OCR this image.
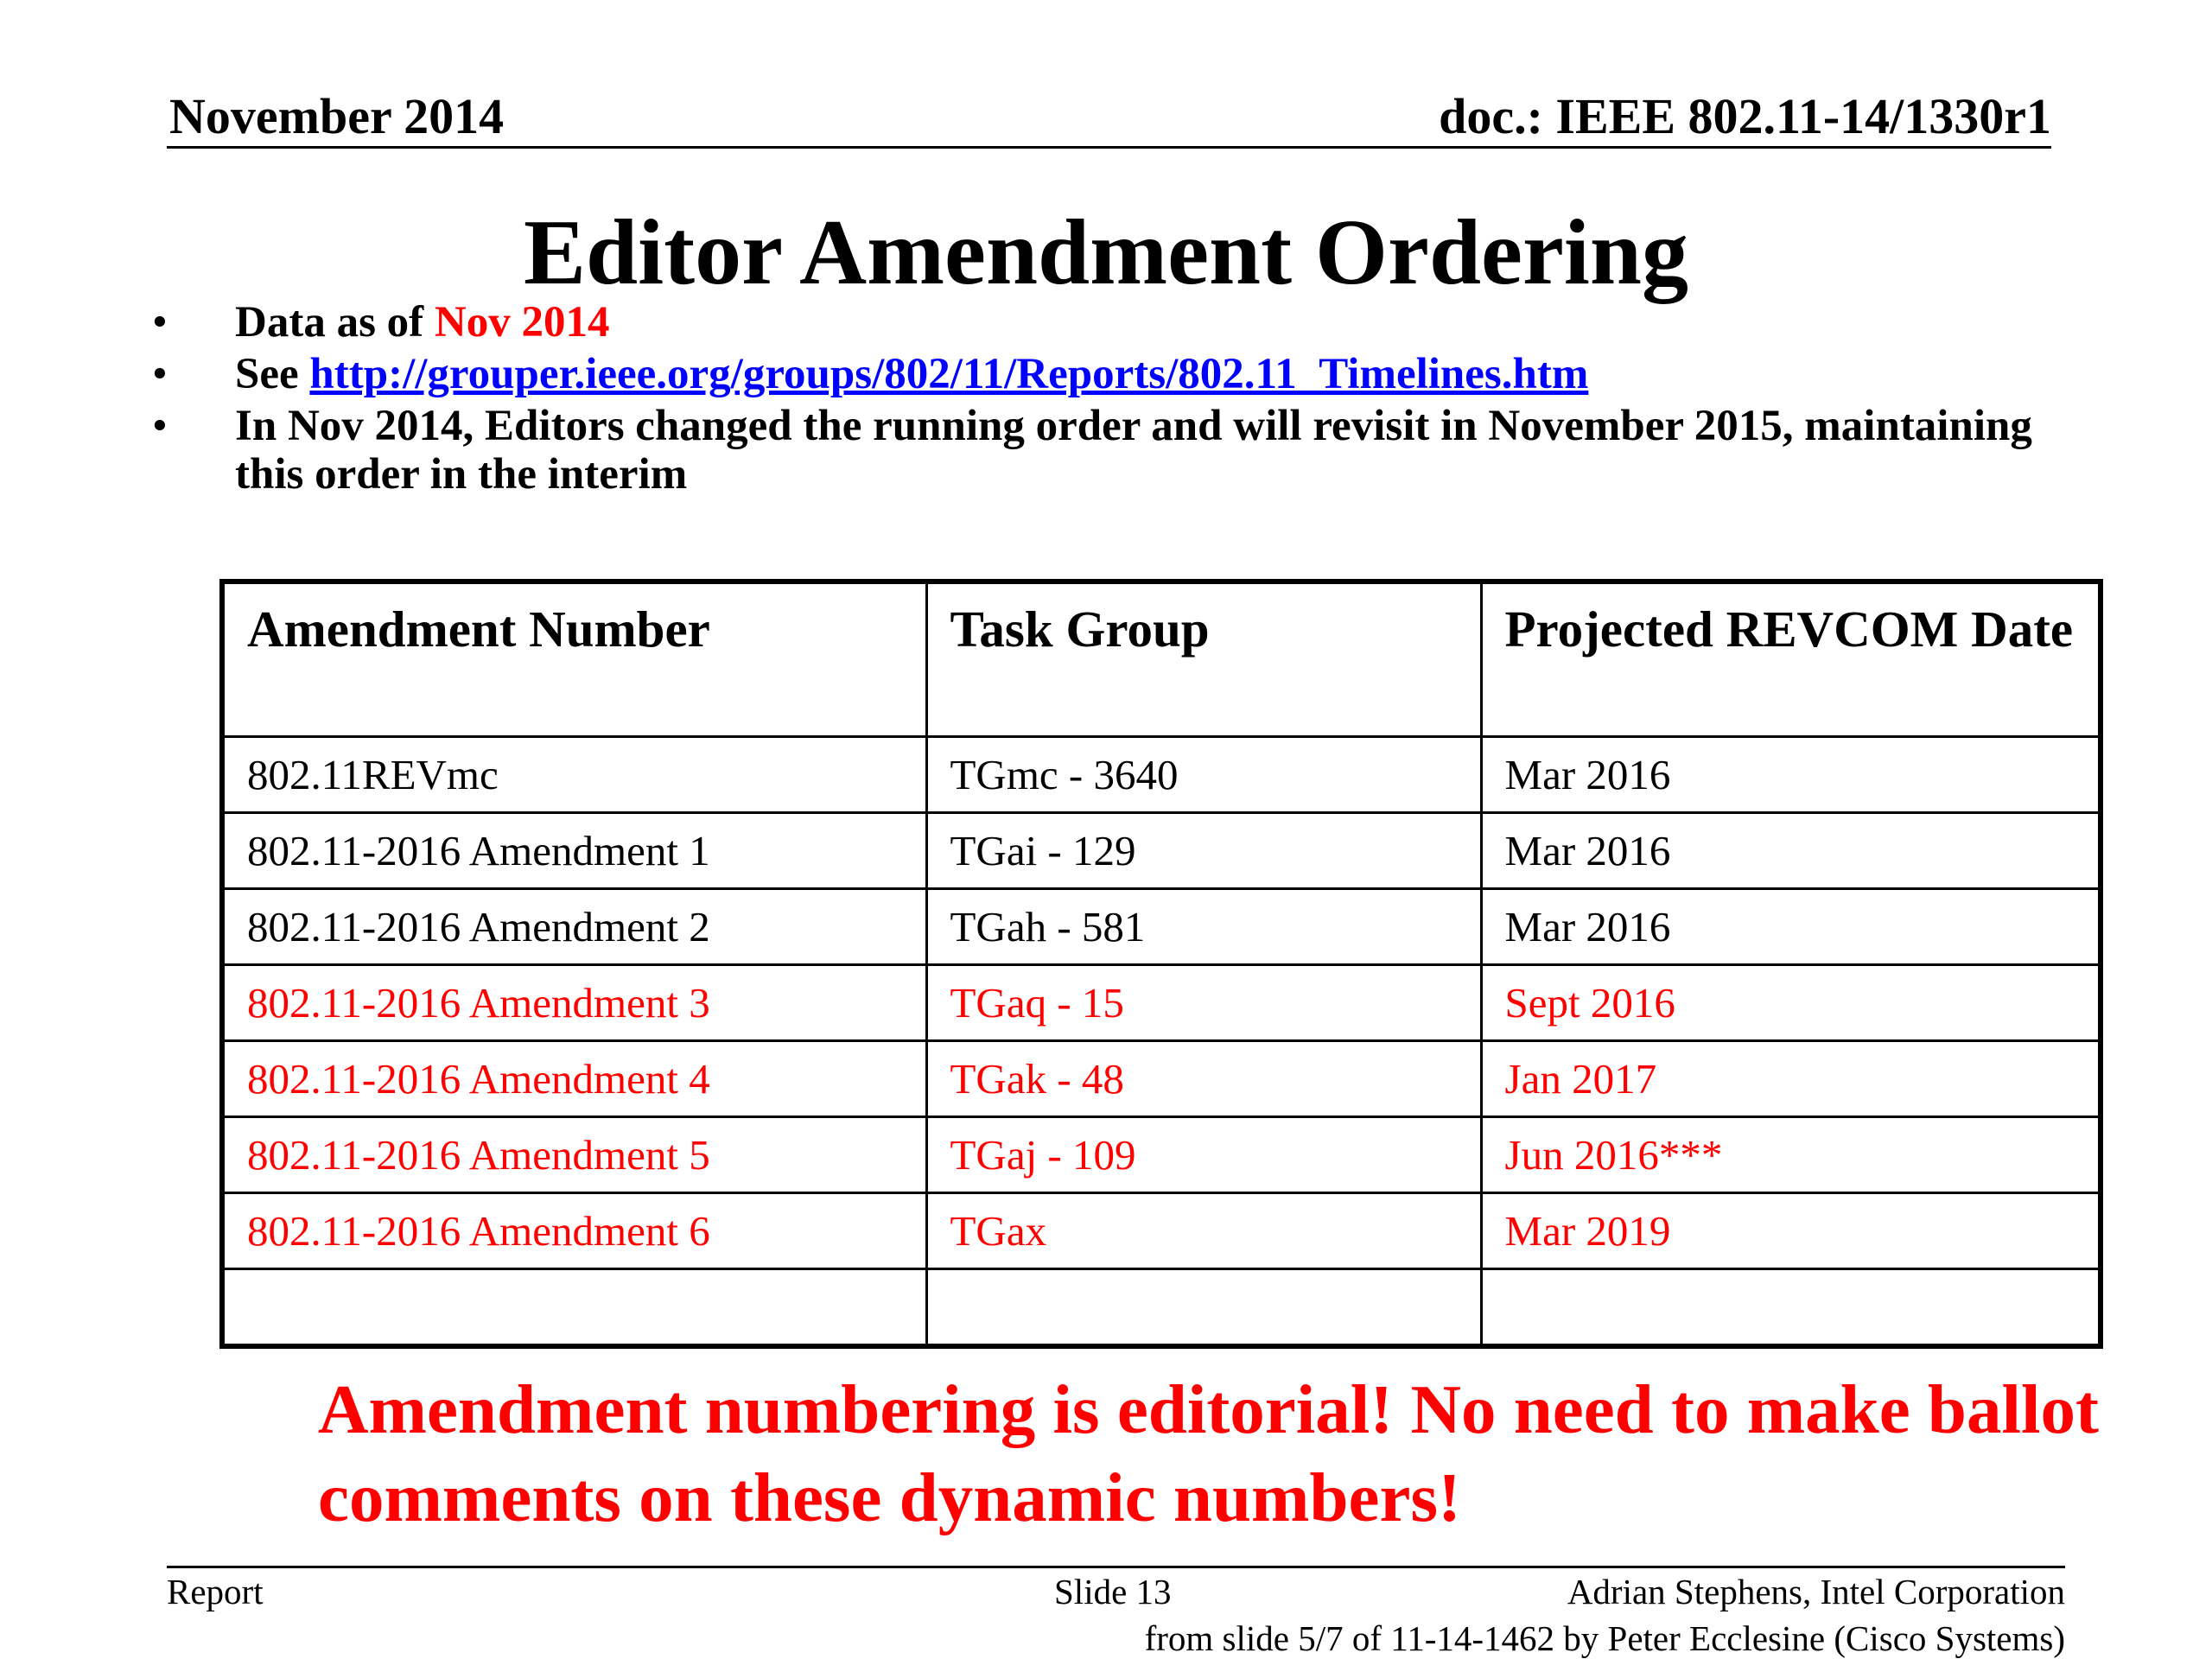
November 2014	doc.: IEEE 802.11-14/1330r1
Editor Amendment Ordering
• Data as of Nov 2014
• See http://grouper.ieee.org/groups/802/11/Reports/802.11_Timelines.htm
• In Nov 2014, Editors changed the running order and will revisit in November 2015, maintaining this order in the interim
Amendment Number	Task Group	Projected REVCOM Date
802.11REVmc	TGmc - 3640	Mar 2016
802.11-2016 Amendment 1	TGai - 129	Mar 2016
802.11-2016 Amendment 2	TGah - 581	Mar 2016
802.11-2016 Amendment 3	TGaq - 15	Sept 2016
802.11-2016 Amendment 4	TGak - 48	Jan 2017
802.11-2016 Amendment 5	TGaj - 109	Jun 2016***
802.11-2016 Amendment 6	TGax	Mar 2019

Amendment numbering is editorial! No need to make ballot comments on these dynamic numbers!
Report	Slide 13	Adrian Stephens, Intel Corporation
from slide 5/7 of 11-14-1462 by Peter Ecclesine (Cisco Systems)
